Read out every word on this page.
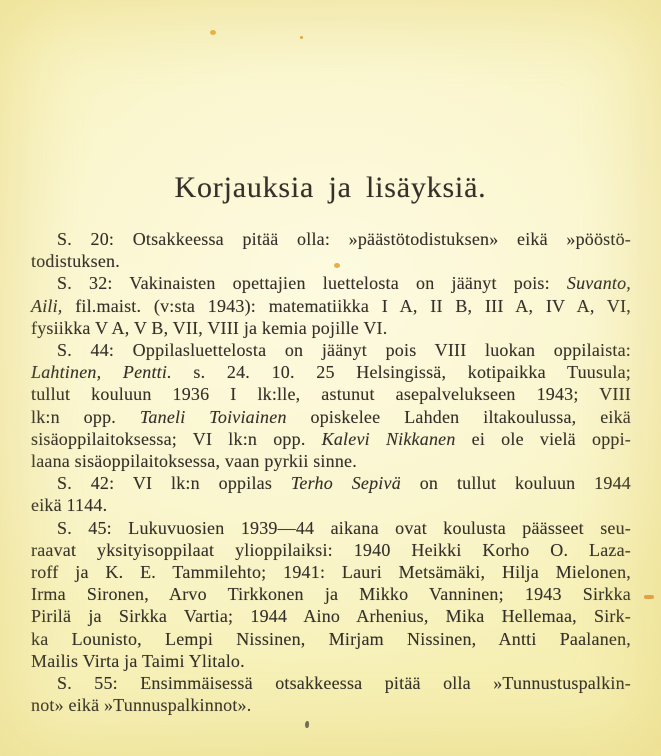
Korjauksia ja lisäyksiä.
S. 20: Otsakkeessa pitää olla: »päästötodistuksen» eikä »pööstö-
todistuksen.
S. 32: Vakinaisten opettajien luettelosta on jäänyt pois: Suvanto,
Aili, fil.maist. (v:sta 1943): matematiikka I A, II B, III A, IV A, VI,
fysiikka V A, V B, VII, VIII ja kemia pojille VI.
S. 44: Oppilasluettelosta on jäänyt pois VIII luokan oppilaista:
Lahtinen, Pentti. s. 24. 10. 25 Helsingissä, kotipaikka Tuusula;
tullut kouluun 1936 I lk:lle, astunut asepalvelukseen 1943; VIII
lk:n opp. Taneli Toiviainen opiskelee Lahden iltakoulussa, eikä
sisäoppilaitoksessa; VI lk:n opp. Kalevi Nikkanen ei ole vielä oppi-
laana sisäoppilaitoksessa, vaan pyrkii sinne.
S. 42: VI lk:n oppilas Terho Sepivä on tullut kouluun 1944
eikä 1144.
S. 45: Lukuvuosien 1939—44 aikana ovat koulusta päässeet seu-
raavat yksityisoppilaat ylioppilaiksi: 1940 Heikki Korho O. Laza-
roff ja K. E. Tammilehto; 1941: Lauri Metsämäki, Hilja Mielonen,
Irma Sironen, Arvo Tirkkonen ja Mikko Vanninen; 1943 Sirkka
Pirilä ja Sirkka Vartia; 1944 Aino Arhenius, Mika Hellemaa, Sirk-
ka Lounisto, Lempi Nissinen, Mirjam Nissinen, Antti Paalanen,
Mailis Virta ja Taimi Ylitalo.
S. 55: Ensimmäisessä otsakkeessa pitää olla »Tunnustuspalkin-
not» eikä »Tunnuspalkinnot».
